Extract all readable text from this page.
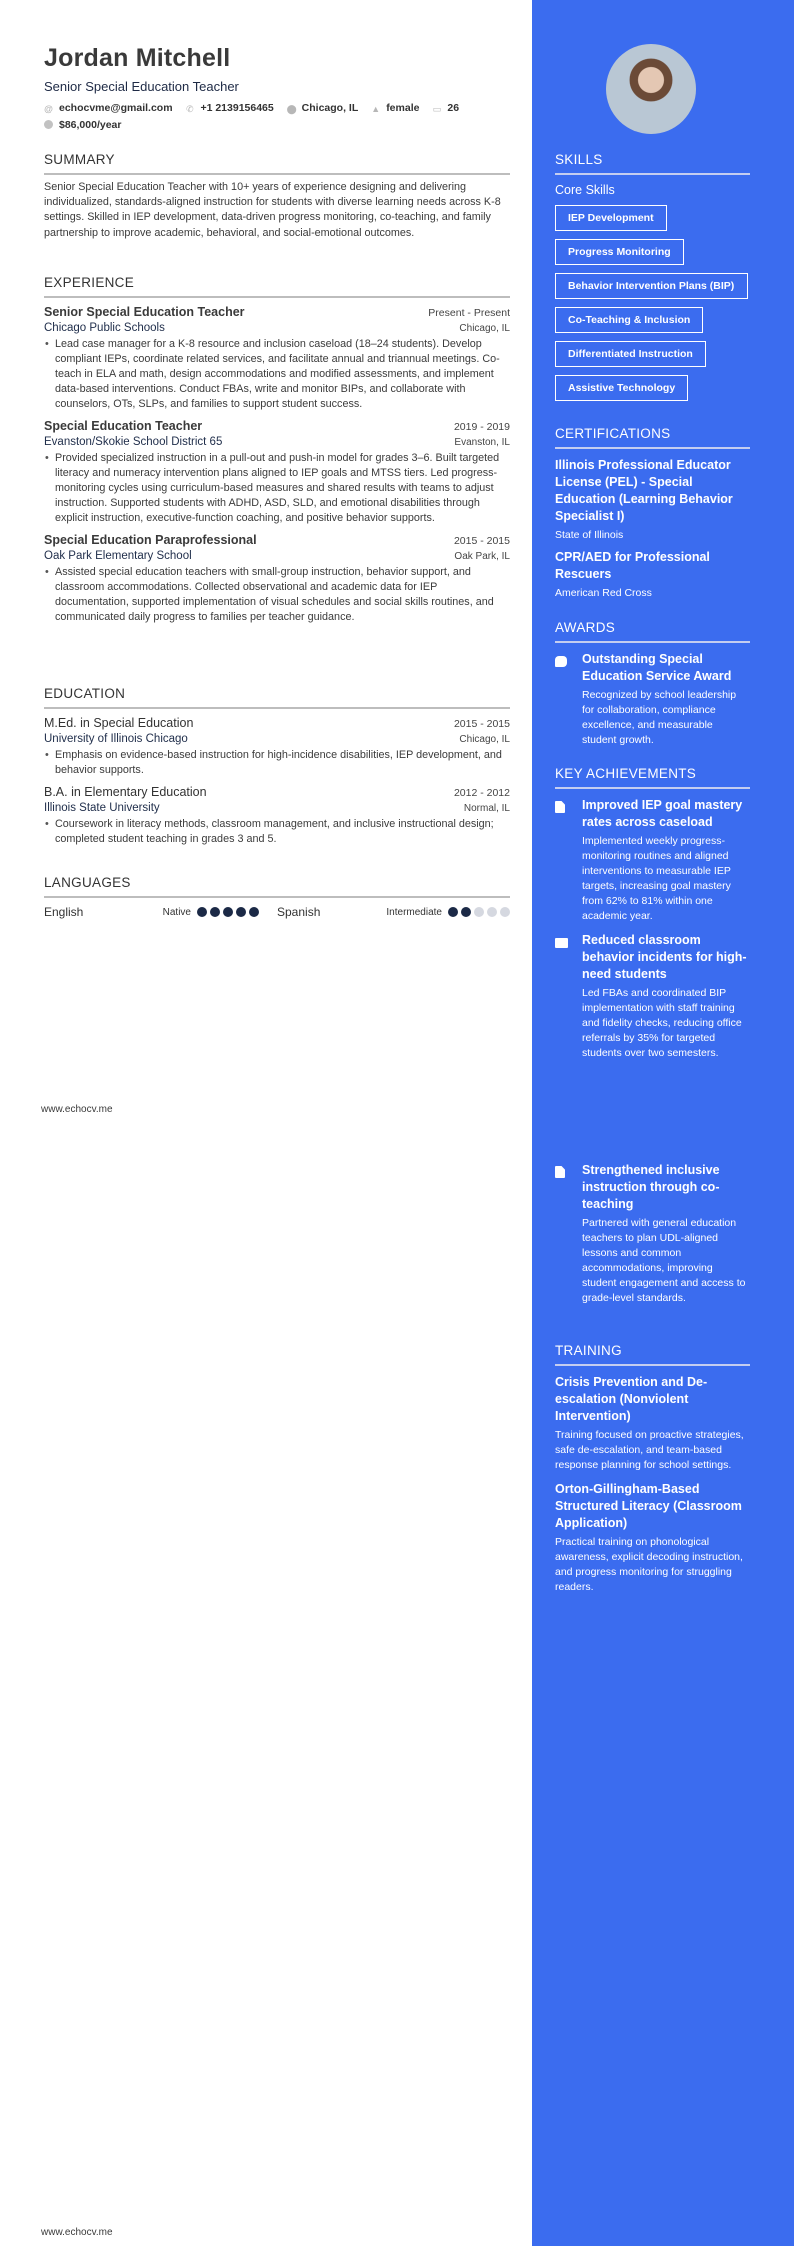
Jordan Mitchell
Senior Special Education Teacher
@ echocvme@gmail.com ✆ +1 2139156465 ⬤ Chicago, IL ▲ female ▭ 26
$86,000/year
SUMMARY

Senior Special Education Teacher with 10+ years of experience designing and delivering individualized, standards-aligned instruction for students with diverse learning needs across K-8 settings. Skilled in IEP development, data-driven progress monitoring, co-teaching, and family partnership to improve academic, behavioral, and social-emotional outcomes.

EXPERIENCE
Senior Special Education Teacher	Present - Present
Chicago Public Schools	Chicago, IL
• Lead case manager for a K-8 resource and inclusion caseload (18–24 students). Develop compliant IEPs, coordinate related services, and facilitate annual and triannual meetings. Co-teach in ELA and math, design accommodations and modified assessments, and implement data-based interventions. Conduct FBAs, write and monitor BIPs, and collaborate with counselors, OTs, SLPs, and families to support student success.
Special Education Teacher	2019 - 2019
Evanston/Skokie School District 65	Evanston, IL
• Provided specialized instruction in a pull-out and push-in model for grades 3–6. Built targeted literacy and numeracy intervention plans aligned to IEP goals and MTSS tiers. Led progress-monitoring cycles using curriculum-based measures and shared results with teams to adjust instruction. Supported students with ADHD, ASD, SLD, and emotional disabilities through explicit instruction, executive-function coaching, and positive behavior supports.
Special Education Paraprofessional	2015 - 2015
Oak Park Elementary School	Oak Park, IL
• Assisted special education teachers with small-group instruction, behavior support, and classroom accommodations. Collected observational and academic data for IEP documentation, supported implementation of visual schedules and social skills routines, and communicated daily progress to families per teacher guidance.
EDUCATION
M.Ed. in Special Education	2015 - 2015
University of Illinois Chicago	Chicago, IL
• Emphasis on evidence-based instruction for high-incidence disabilities, IEP development, and behavior supports.
B.A. in Elementary Education	2012 - 2012
Illinois State University	Normal, IL
• Coursework in literacy methods, classroom management, and inclusive instructional design; completed student teaching in grades 3 and 5.
LANGUAGES
English	Native	Spanish	Intermediate
www.echocv.me
www.echocv.me
SKILLS
Core Skills
IEP Development
Progress Monitoring
Behavior Intervention Plans (BIP)
Co-Teaching & Inclusion
Differentiated Instruction
Assistive Technology
CERTIFICATIONS
Illinois Professional Educator License (PEL) - Special Education (Learning Behavior Specialist I)
State of Illinois
CPR/AED for Professional Rescuers
American Red Cross
AWARDS
Outstanding Special Education Service Award
Recognized by school leadership for collaboration, compliance excellence, and measurable student growth.
KEY ACHIEVEMENTS
Improved IEP goal mastery rates across caseload
Implemented weekly progress-monitoring routines and aligned interventions to measurable IEP targets, increasing goal mastery from 62% to 81% within one academic year.
Reduced classroom behavior incidents for high-need students
Led FBAs and coordinated BIP implementation with staff training and fidelity checks, reducing office referrals by 35% for targeted students over two semesters.
Strengthened inclusive instruction through co-teaching
Partnered with general education teachers to plan UDL-aligned lessons and common accommodations, improving student engagement and access to grade-level standards.
TRAINING
Crisis Prevention and De-escalation (Nonviolent Intervention)
Training focused on proactive strategies, safe de-escalation, and team-based response planning for school settings.
Orton-Gillingham-Based Structured Literacy (Classroom Application)
Practical training on phonological awareness, explicit decoding instruction, and progress monitoring for struggling readers.
